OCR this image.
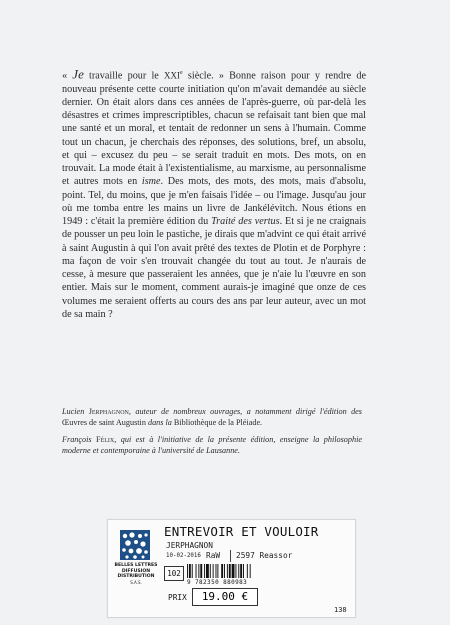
« Je travaille pour le XXIe siècle. » Bonne raison pour y rendre de nouveau présente cette courte initiation qu'on m'avait demandée au siècle dernier. On était alors dans ces années de l'après-guerre, où par-delà les désastres et crimes imprescriptibles, chacun se refaisait tant bien que mal une santé et un moral, et tentait de redonner un sens à l'humain. Comme tout un chacun, je cherchais des réponses, des solutions, bref, un absolu, et qui – excusez du peu – se serait traduit en mots. Des mots, on en trouvait. La mode était à l'existentialisme, au marxisme, au personnalisme et autres mots en isme. Des mots, des mots, des mots, mais d'absolu, point. Tel, du moins, que je m'en faisais l'idée – ou l'image. Jusqu'au jour où me tomba entre les mains un livre de Jankélévitch. Nous étions en 1949 : c'était la première édition du Traité des vertus. Et si je ne craignais de pousser un peu loin le pastiche, je dirais que m'advint ce qui était arrivé à saint Augustin à qui l'on avait prêté des textes de Plotin et de Porphyre : ma façon de voir s'en trouvait changée du tout au tout. Je n'aurais de cesse, à mesure que passeraient les années, que je n'aie lu l'œuvre en son entier. Mais sur le moment, comment aurais-je imaginé que onze de ces volumes me seraient offerts au cours des ans par leur auteur, avec un mot de sa main ?

Lucien Jerphagnon, auteur de nombreux ouvrages, a notamment dirigé l'édition des Œuvres de saint Augustin dans la Bibliothèque de la Pléiade.

François Félix, qui est à l'initiative de la présente édition, enseigne la philosophie moderne et contemporaine à l'université de Lausanne.

BELLES LETTRES
DIFFUSION
DISTRIBUTION
S.A.S.
ENTREVOIR ET VOULOIR
JERPHAGNON
10-02-2016 RaW 2597 Reassor
102
9 782350 880983
PRIX	19.00 €
138
